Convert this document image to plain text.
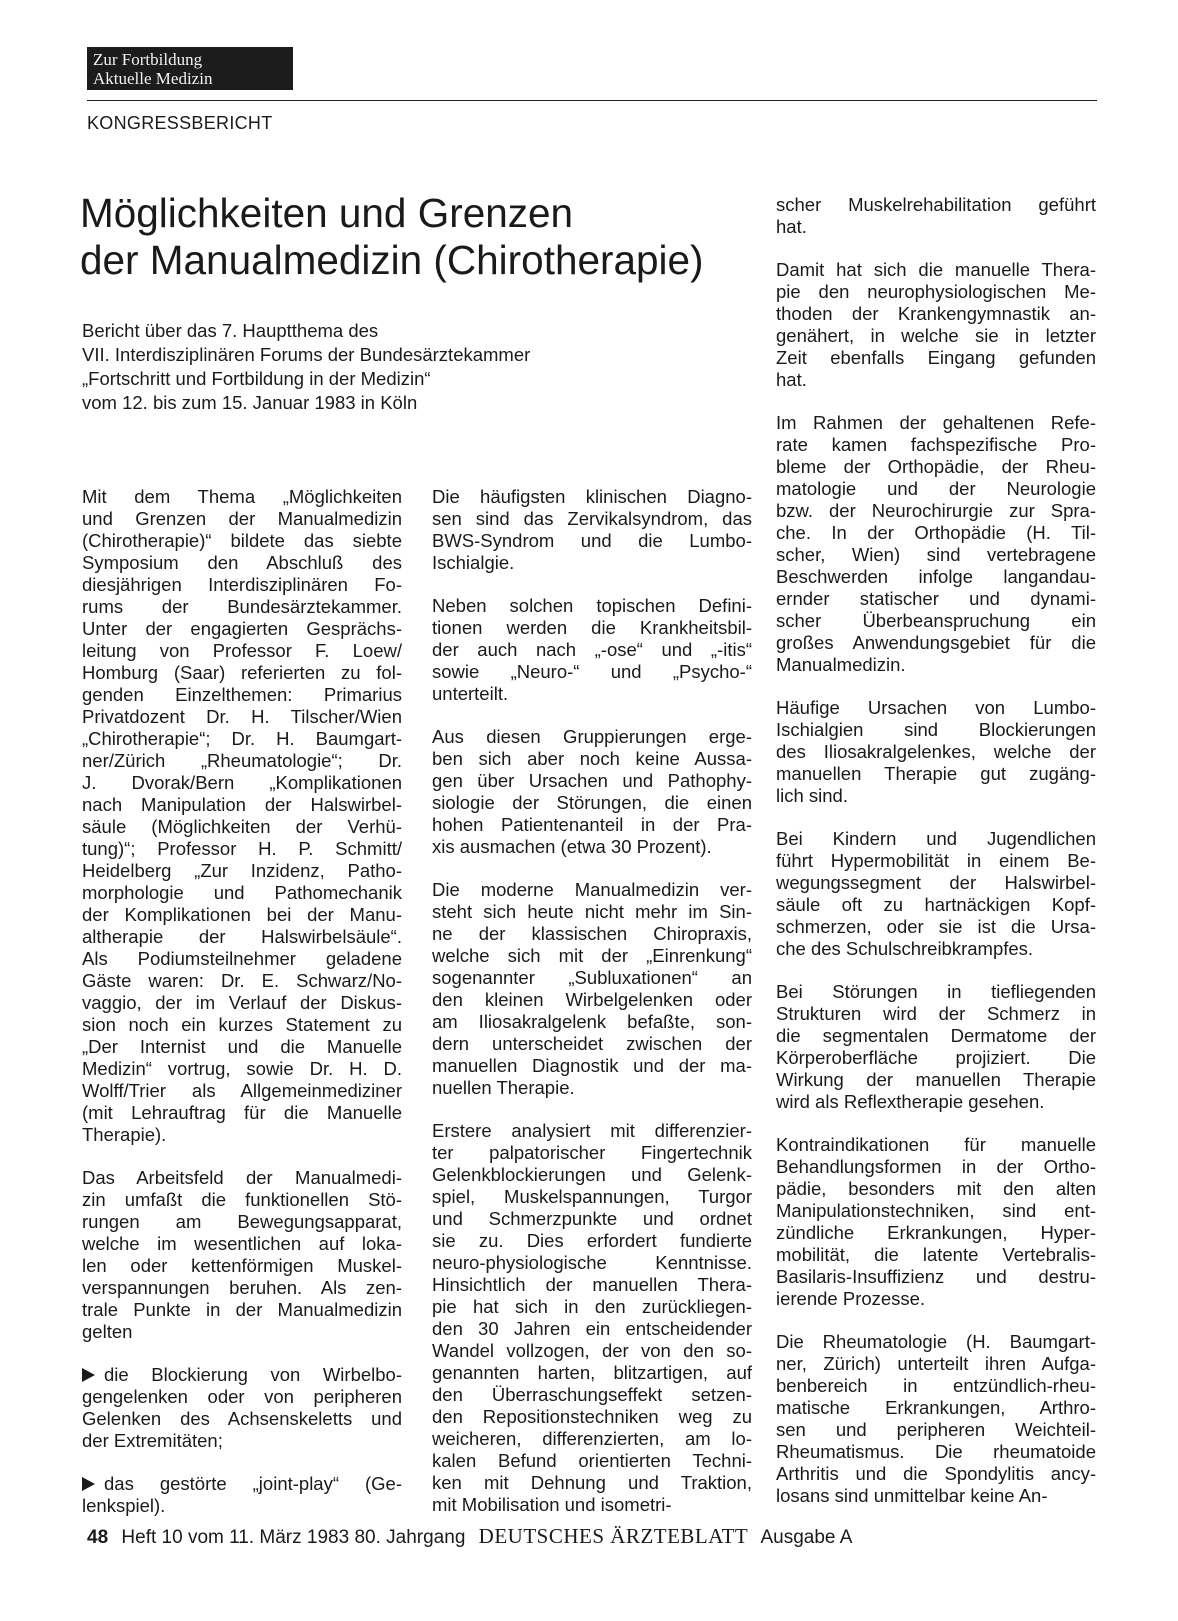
Zur Fortbildung
Aktuelle Medizin
KONGRESSBERICHT
Möglichkeiten und Grenzen
der Manualmedizin (Chirotherapie)
Bericht über das 7. Hauptthema des
VII. Interdisziplinären Forums der Bundesärztekammer
„Fortschritt und Fortbildung in der Medizin“
vom 12. bis zum 15. Januar 1983 in Köln

Mit dem Thema „Möglichkeiten
und Grenzen der Manualmedizin
(Chirotherapie)“ bildete das siebte
Symposium den Abschluß des
diesjährigen Interdisziplinären Fo-
rums der Bundesärztekammer.
Unter der engagierten Gesprächs-
leitung von Professor F. Loew/
Homburg (Saar) referierten zu fol-
genden Einzelthemen: Primarius
Privatdozent Dr. H. Tilscher/Wien
„Chirotherapie“; Dr. H. Baumgart-
ner/Zürich „Rheumatologie“; Dr.
J. Dvorak/Bern „Komplikationen
nach Manipulation der Halswirbel-
säule (Möglichkeiten der Verhü-
tung)“; Professor H. P. Schmitt/
Heidelberg „Zur Inzidenz, Patho-
morphologie und Pathomechanik
der Komplikationen bei der Manu-
altherapie der Halswirbelsäule“.
Als Podiumsteilnehmer geladene
Gäste waren: Dr. E. Schwarz/No-
vaggio, der im Verlauf der Diskus-
sion noch ein kurzes Statement zu
„Der Internist und die Manuelle
Medizin“ vortrug, sowie Dr. H. D.
Wolff/Trier als Allgemeinmediziner
(mit Lehrauftrag für die Manuelle
Therapie).

Das Arbeitsfeld der Manualmedi-
zin umfaßt die funktionellen Stö-
rungen am Bewegungsapparat,
welche im wesentlichen auf loka-
len oder kettenförmigen Muskel-
verspannungen beruhen. Als zen-
trale Punkte in der Manualmedizin
gelten

die Blockierung von Wirbelbo-
gengelenken oder von peripheren
Gelenken des Achsenskeletts und
der Extremitäten;

das gestörte „joint-play“ (Ge-
lenkspiel).

Die häufigsten klinischen Diagno-
sen sind das Zervikalsyndrom, das
BWS-Syndrom und die Lumbo-
Ischialgie.

Neben solchen topischen Defini-
tionen werden die Krankheitsbil-
der auch nach „-ose“ und „-itis“
sowie „Neuro-“ und „Psycho-“
unterteilt.

Aus diesen Gruppierungen erge-
ben sich aber noch keine Aussa-
gen über Ursachen und Pathophy-
siologie der Störungen, die einen
hohen Patientenanteil in der Pra-
xis ausmachen (etwa 30 Prozent).

Die moderne Manualmedizin ver-
steht sich heute nicht mehr im Sin-
ne der klassischen Chiropraxis,
welche sich mit der „Einrenkung“
sogenannter „Subluxationen“ an
den kleinen Wirbelgelenken oder
am Iliosakralgelenk befaßte, son-
dern unterscheidet zwischen der
manuellen Diagnostik und der ma-
nuellen Therapie.

Erstere analysiert mit differenzier-
ter palpatorischer Fingertechnik
Gelenkblockierungen und Gelenk-
spiel, Muskelspannungen, Turgor
und Schmerzpunkte und ordnet
sie zu. Dies erfordert fundierte
neuro-physiologische Kenntnisse.
Hinsichtlich der manuellen Thera-
pie hat sich in den zurückliegen-
den 30 Jahren ein entscheidender
Wandel vollzogen, der von den so-
genannten harten, blitzartigen, auf
den Überraschungseffekt setzen-
den Repositionstechniken weg zu
weicheren, differenzierten, am lo-
kalen Befund orientierten Techni-
ken mit Dehnung und Traktion,
mit Mobilisation und isometri-

scher Muskelrehabilitation geführt
hat.

Damit hat sich die manuelle Thera-
pie den neurophysiologischen Me-
thoden der Krankengymnastik an-
genähert, in welche sie in letzter
Zeit ebenfalls Eingang gefunden
hat.

Im Rahmen der gehaltenen Refe-
rate kamen fachspezifische Pro-
bleme der Orthopädie, der Rheu-
matologie und der Neurologie
bzw. der Neurochirurgie zur Spra-
che. In der Orthopädie (H. Til-
scher, Wien) sind vertebragene
Beschwerden infolge langandau-
ernder statischer und dynami-
scher Überbeanspruchung ein
großes Anwendungsgebiet für die
Manualmedizin.

Häufige Ursachen von Lumbo-
Ischialgien sind Blockierungen
des Iliosakralgelenkes, welche der
manuellen Therapie gut zugäng-
lich sind.

Bei Kindern und Jugendlichen
führt Hypermobilität in einem Be-
wegungssegment der Halswirbel-
säule oft zu hartnäckigen Kopf-
schmerzen, oder sie ist die Ursa-
che des Schulschreibkrampfes.

Bei Störungen in tiefliegenden
Strukturen wird der Schmerz in
die segmentalen Dermatome der
Körperoberfläche projiziert. Die
Wirkung der manuellen Therapie
wird als Reflextherapie gesehen.

Kontraindikationen für manuelle
Behandlungsformen in der Ortho-
pädie, besonders mit den alten
Manipulationstechniken, sind ent-
zündliche Erkrankungen, Hyper-
mobilität, die latente Vertebralis-
Basilaris-Insuffizienz und destru-
ierende Prozesse.

Die Rheumatologie (H. Baumgart-
ner, Zürich) unterteilt ihren Aufga-
benbereich in entzündlich-rheu-
matische Erkrankungen, Arthro-
sen und peripheren Weichteil-
Rheumatismus. Die rheumatoide
Arthritis und die Spondylitis ancy-
losans sind unmittelbar keine An-

48 Heft 10 vom 11. März 1983 80. Jahrgang DEUTSCHES ÄRZTEBLATT Ausgabe A
